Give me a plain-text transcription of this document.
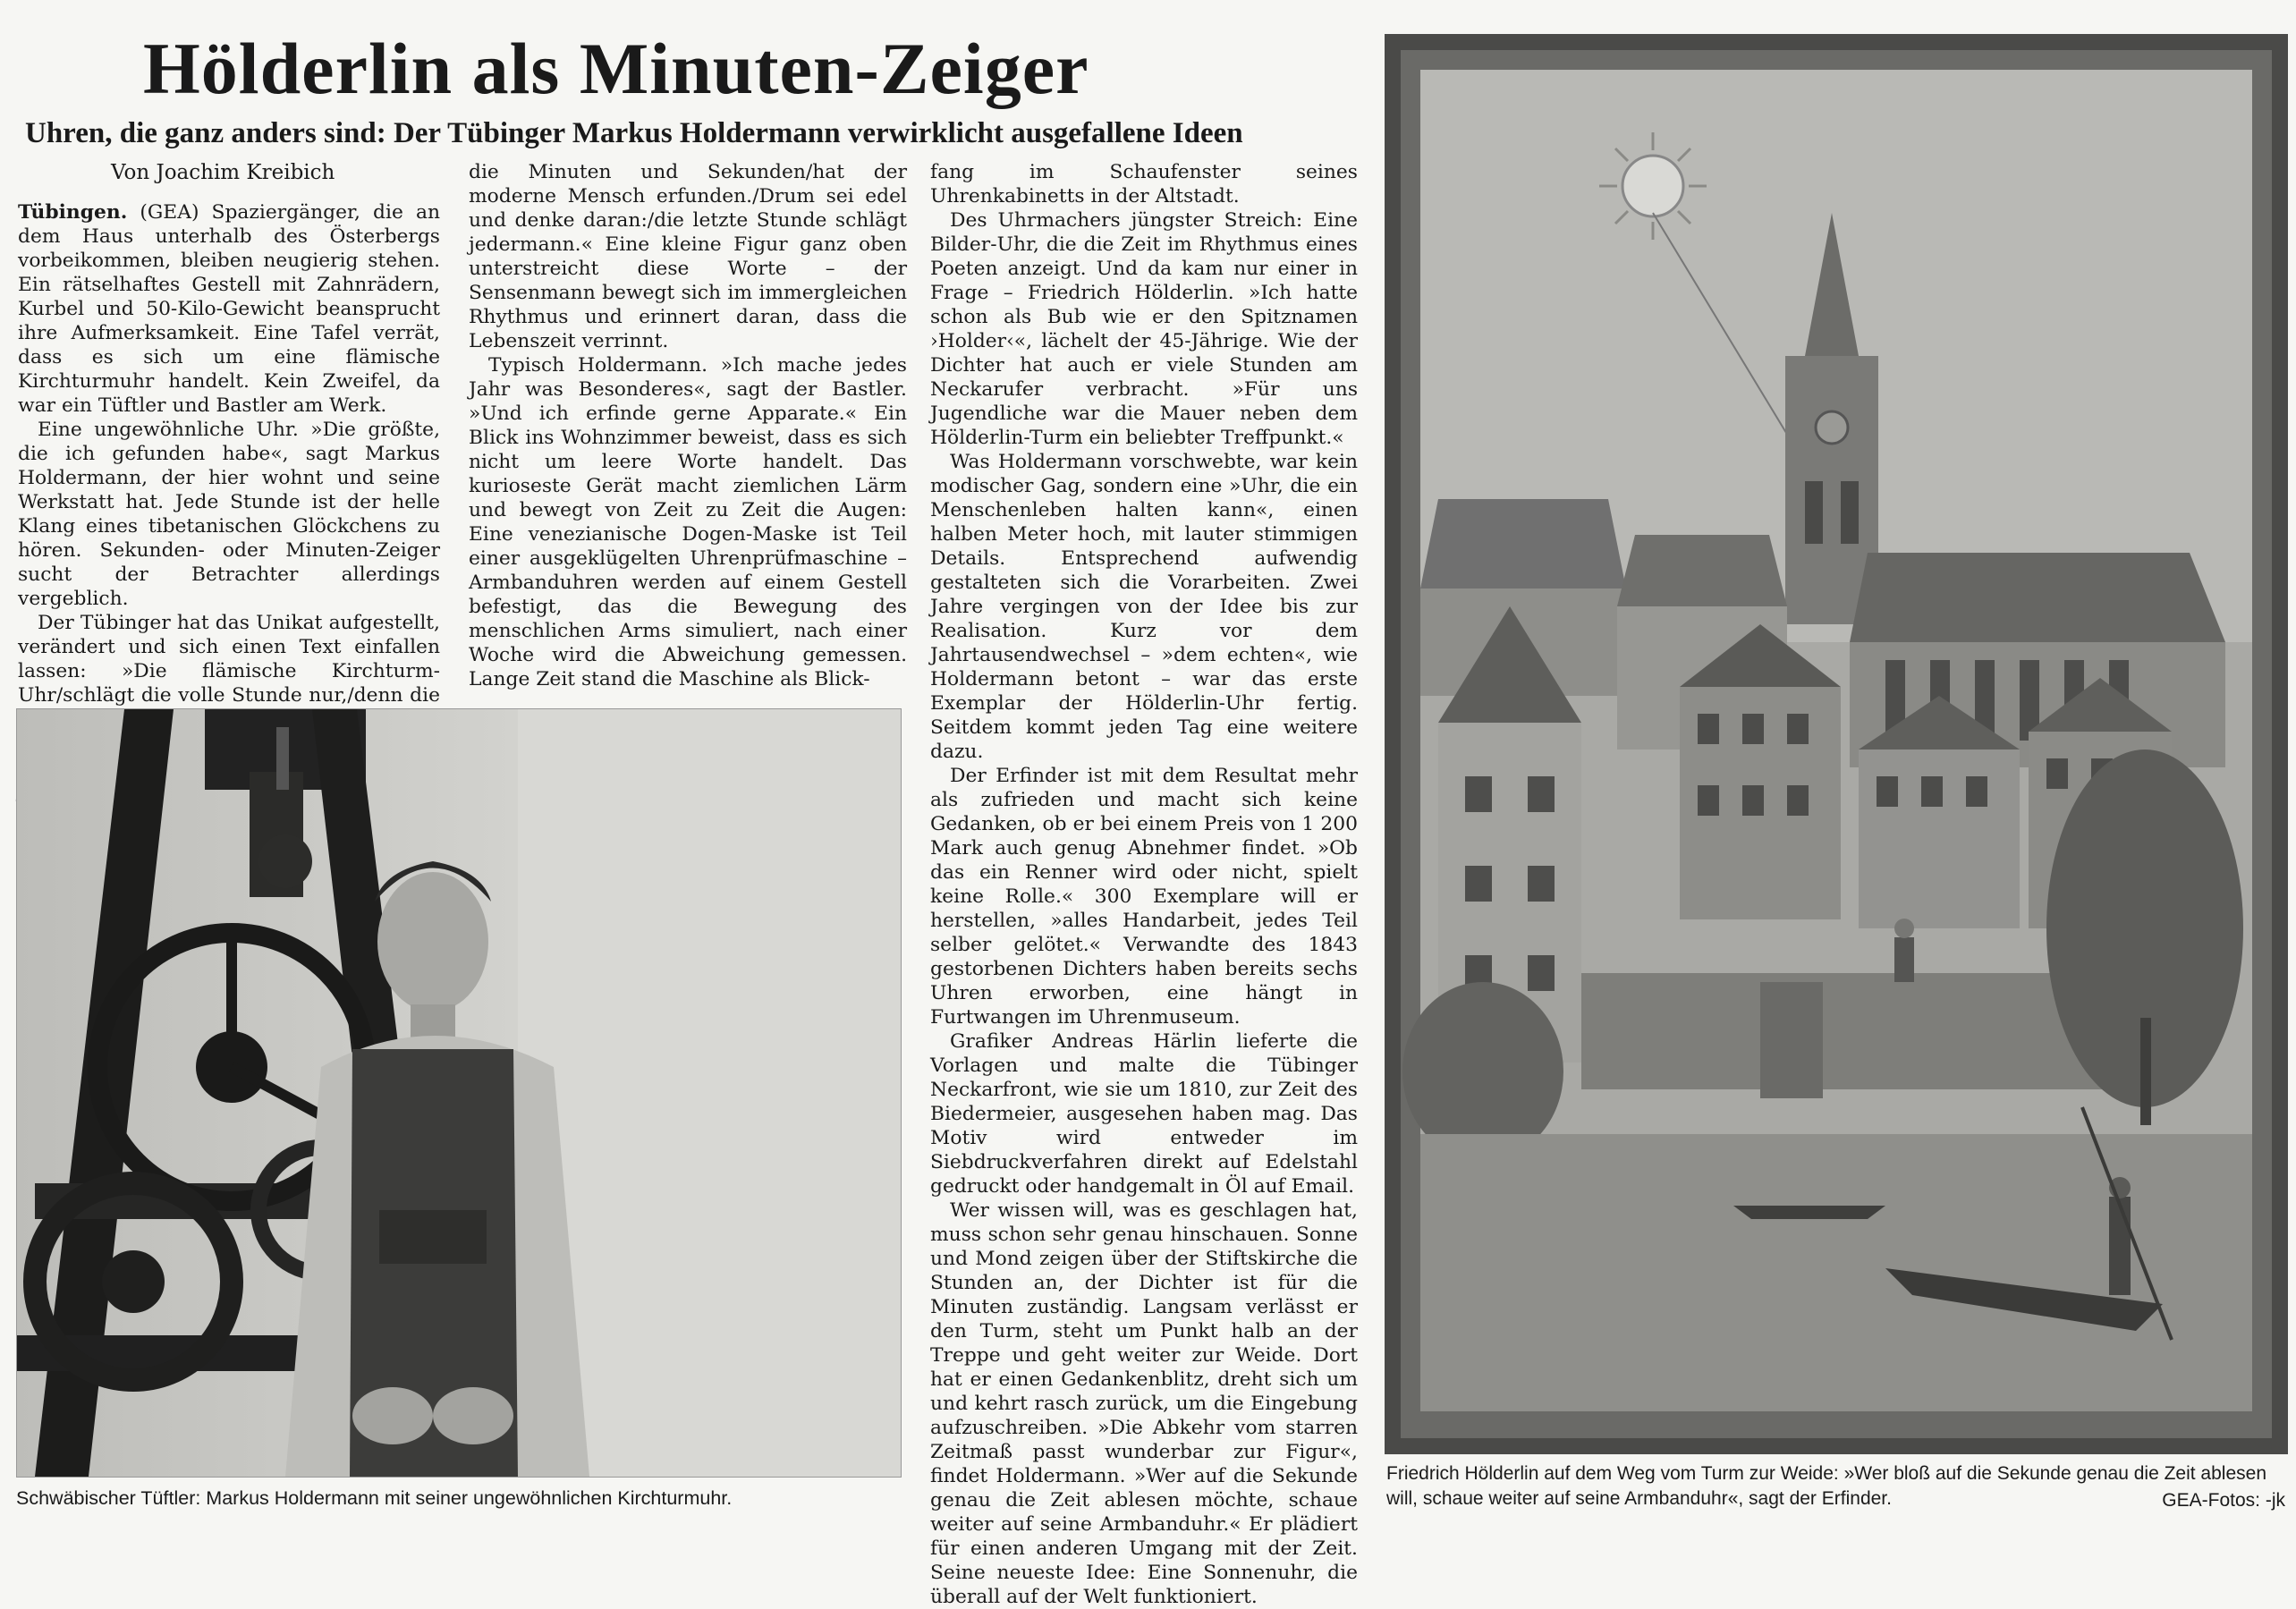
Hölderlin als Minuten-Zeiger
Uhren, die ganz anders sind: Der Tübinger Markus Holdermann verwirklicht ausgefallene Ideen
Von Joachim Kreibich

Tübingen. (GEA) Spaziergänger, die an dem Haus unterhalb des Österbergs vorbeikommen, bleiben neugierig stehen. Ein rätselhaftes Gestell mit Zahnrädern, Kurbel und 50-Kilo-Gewicht beansprucht ihre Aufmerksamkeit. Eine Tafel verrät, dass es sich um eine flämische Kirchturmuhr handelt. Kein Zweifel, da war ein Tüftler und Bastler am Werk.

Eine ungewöhnliche Uhr. »Die größte, die ich gefunden habe«, sagt Markus Holdermann, der hier wohnt und seine Werkstatt hat. Jede Stunde ist der helle Klang eines tibetanischen Glöckchens zu hören. Sekunden- oder Minuten-Zeiger sucht der Betrachter allerdings vergeblich.

Der Tübinger hat das Unikat aufgestellt, verändert und sich einen Text einfallen lassen: »Die flämische Kirchturm-Uhr/schlägt die volle Stunde nur,/denn die

die Minuten und Sekunden/hat der moderne Mensch erfunden./Drum sei edel und denke daran:/die letzte Stunde schlägt jedermann.« Eine kleine Figur ganz oben unterstreicht diese Worte – der Sensenmann bewegt sich im immergleichen Rhythmus und erinnert daran, dass die Lebenszeit verrinnt.

Typisch Holdermann. »Ich mache jedes Jahr was Besonderes«, sagt der Bastler. »Und ich erfinde gerne Apparate.« Ein Blick ins Wohnzimmer beweist, dass es sich nicht um leere Worte handelt. Das kurioseste Gerät macht ziemlichen Lärm und bewegt von Zeit zu Zeit die Augen: Eine venezianische Dogen-Maske ist Teil einer ausgeklügelten Uhrenprüfmaschine – Armbanduhren werden auf einem Gestell befestigt, das die Bewegung des menschlichen Arms simuliert, nach einer Woche wird die Abweichung gemessen. Lange Zeit stand die Maschine als Blick-

fang im Schaufenster seines Uhrenkabinetts in der Altstadt.

Des Uhrmachers jüngster Streich: Eine Bilder-Uhr, die die Zeit im Rhythmus eines Poeten anzeigt. Und da kam nur einer in Frage – Friedrich Hölderlin. »Ich hatte schon als Bub wie er den Spitznamen ›Holder‹«, lächelt der 45-Jährige. Wie der Dichter hat auch er viele Stunden am Neckarufer verbracht. »Für uns Jugendliche war die Mauer neben dem Hölderlin-Turm ein beliebter Treffpunkt.«

Was Holdermann vorschwebte, war kein modischer Gag, sondern eine »Uhr, die ein Menschenleben halten kann«, einen halben Meter hoch, mit lauter stimmigen Details. Entsprechend aufwendig gestalteten sich die Vorarbeiten. Zwei Jahre vergingen von der Idee bis zur Realisation. Kurz vor dem Jahrtausendwechsel – »dem echten«, wie Holdermann betont – war das erste Exemplar der Hölderlin-Uhr fertig. Seitdem kommt jeden Tag eine weitere dazu.

Der Erfinder ist mit dem Resultat mehr als zufrieden und macht sich keine Gedanken, ob er bei einem Preis von 1 200 Mark auch genug Abnehmer findet. »Ob das ein Renner wird oder nicht, spielt keine Rolle.« 300 Exemplare will er herstellen, »alles Handarbeit, jedes Teil selber gelötet.« Verwandte des 1843 gestorbenen Dichters haben bereits sechs Uhren erworben, eine hängt in Furtwangen im Uhrenmuseum.

Grafiker Andreas Härlin lieferte die Vorlagen und malte die Tübinger Neckarfront, wie sie um 1810, zur Zeit des Biedermeier, ausgesehen haben mag. Das Motiv wird entweder im Siebdruckverfahren direkt auf Edelstahl gedruckt oder handgemalt in Öl auf Email.

Wer wissen will, was es geschlagen hat, muss schon sehr genau hinschauen. Sonne und Mond zeigen über der Stiftskirche die Stunden an, der Dichter ist für die Minuten zuständig. Langsam verlässt er den Turm, steht um Punkt halb an der Treppe und geht weiter zur Weide. Dort hat er einen Gedankenblitz, dreht sich um und kehrt rasch zurück, um die Eingebung aufzuschreiben. »Die Abkehr vom starren Zeitmaß passt wunderbar zur Figur«, findet Holdermann. »Wer auf die Sekunde genau die Zeit ablesen möchte, schaue weiter auf seine Armbanduhr.« Er plädiert für einen anderen Umgang mit der Zeit. Seine neueste Idee: Eine Sonnenuhr, die überall auf der Welt funktioniert.

Schwäbischer Tüftler: Markus Holdermann mit seiner ungewöhnlichen Kirchturmuhr.
Friedrich Hölderlin auf dem Weg vom Turm zur Weide: »Wer bloß auf die Sekunde genau die Zeit ablesen will, schaue weiter auf seine Armbanduhr«, sagt der Erfinder.	GEA-Fotos: -jk
